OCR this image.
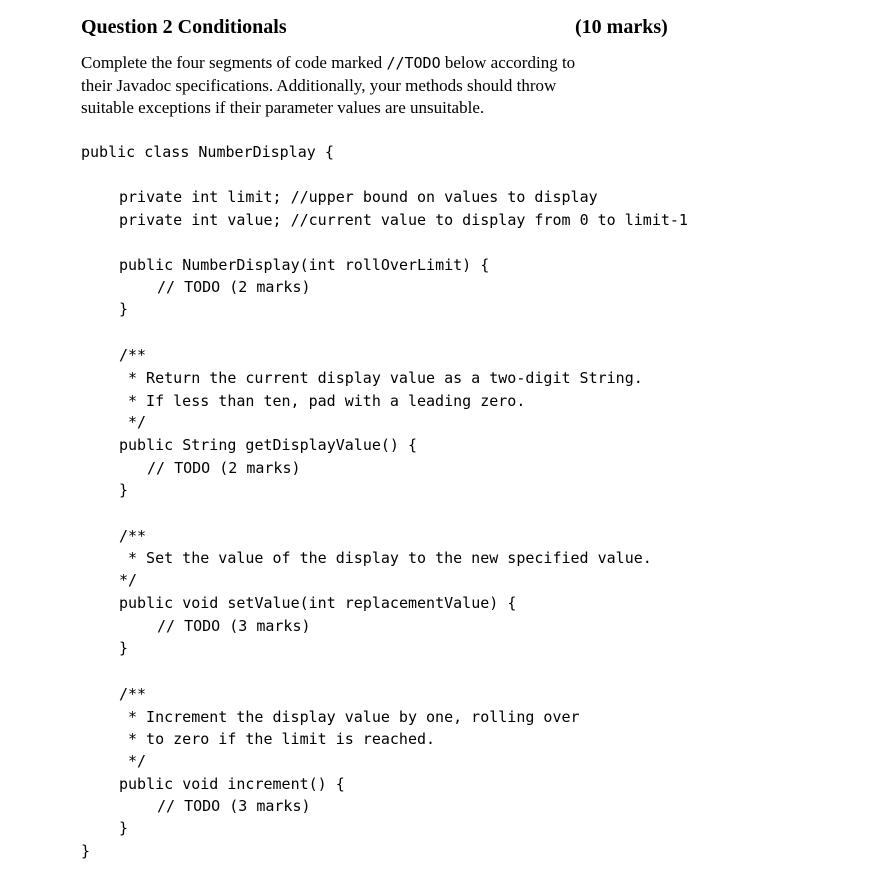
Question 2 Conditionals	(10 marks)
Complete the four segments of code marked //TODO below according to
their Javadoc specifications. Additionally, your methods should throw
suitable exceptions if their parameter values are unsuitable.
public class NumberDisplay {
private int limit; //upper bound on values to display
private int value; //current value to display from 0 to limit-1
public NumberDisplay(int rollOverLimit) {
// TODO (2 marks)
}
/**
* Return the current display value as a two-digit String.
* If less than ten, pad with a leading zero.
*/
public String getDisplayValue() {
// TODO (2 marks)
}
/**
* Set the value of the display to the new specified value.
*/
public void setValue(int replacementValue) {
// TODO (3 marks)
}
/**
* Increment the display value by one, rolling over
* to zero if the limit is reached.
*/
public void increment() {
// TODO (3 marks)
}
}
